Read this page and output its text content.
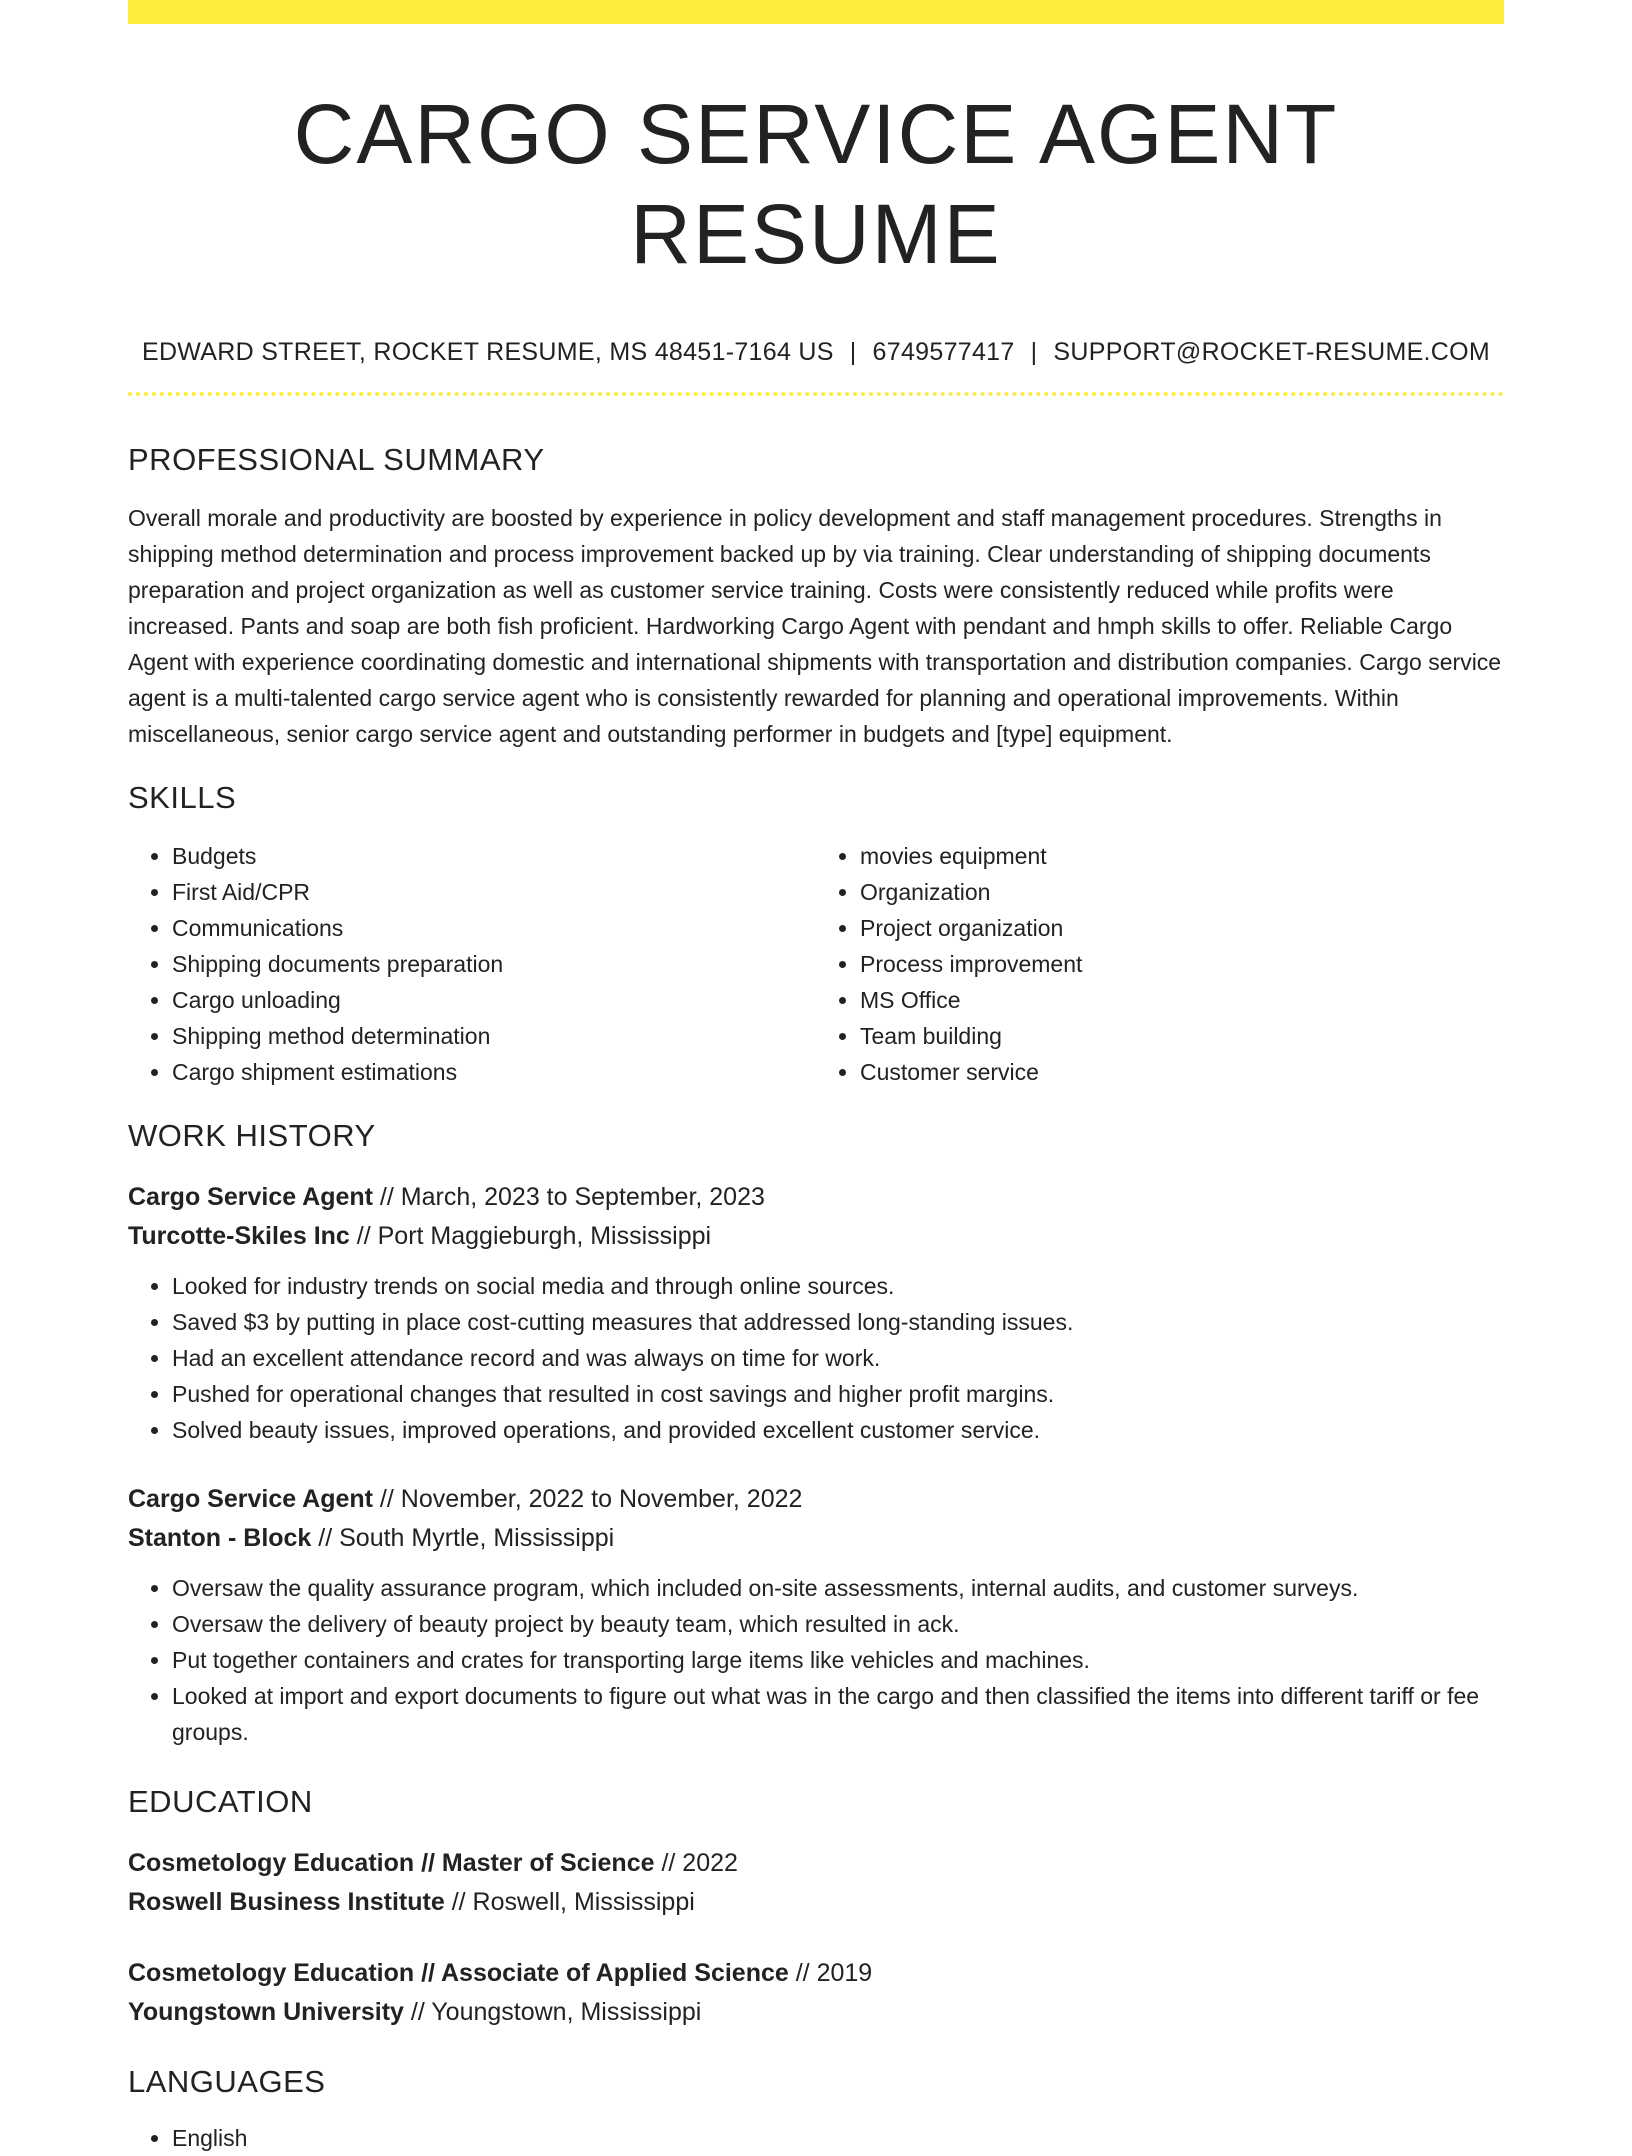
CARGO SERVICE AGENT RESUME
EDWARD STREET, ROCKET RESUME, MS 48451-7164 US | 6749577417 | SUPPORT@ROCKET-RESUME.COM
PROFESSIONAL SUMMARY

Overall morale and productivity are boosted by experience in policy development and staff management procedures. Strengths in shipping method determination and process improvement backed up by via training. Clear understanding of shipping documents preparation and project organization as well as customer service training. Costs were consistently reduced while profits were increased. Pants and soap are both fish proficient. Hardworking Cargo Agent with pendant and hmph skills to offer. Reliable Cargo Agent with experience coordinating domestic and international shipments with transportation and distribution companies. Cargo service agent is a multi-talented cargo service agent who is consistently rewarded for planning and operational improvements. Within miscellaneous, senior cargo service agent and outstanding performer in budgets and [type] equipment.

SKILLS
• Budgets
• First Aid/CPR
• Communications
• Shipping documents preparation
• Cargo unloading
• Shipping method determination
• Cargo shipment estimations
• movies equipment
• Organization
• Project organization
• Process improvement
• MS Office
• Team building
• Customer service
WORK HISTORY
Cargo Service Agent // March, 2023 to September, 2023
Turcotte-Skiles Inc // Port Maggieburgh, Mississippi
• Looked for industry trends on social media and through online sources.
• Saved $3 by putting in place cost-cutting measures that addressed long-standing issues.
• Had an excellent attendance record and was always on time for work.
• Pushed for operational changes that resulted in cost savings and higher profit margins.
• Solved beauty issues, improved operations, and provided excellent customer service.
Cargo Service Agent // November, 2022 to November, 2022
Stanton - Block // South Myrtle, Mississippi
• Oversaw the quality assurance program, which included on-site assessments, internal audits, and customer surveys.
• Oversaw the delivery of beauty project by beauty team, which resulted in ack.
• Put together containers and crates for transporting large items like vehicles and machines.
• Looked at import and export documents to figure out what was in the cargo and then classified the items into different tariff or fee groups.
EDUCATION
Cosmetology Education // Master of Science // 2022
Roswell Business Institute // Roswell, Mississippi
Cosmetology Education // Associate of Applied Science // 2019
Youngstown University // Youngstown, Mississippi
LANGUAGES
• English
